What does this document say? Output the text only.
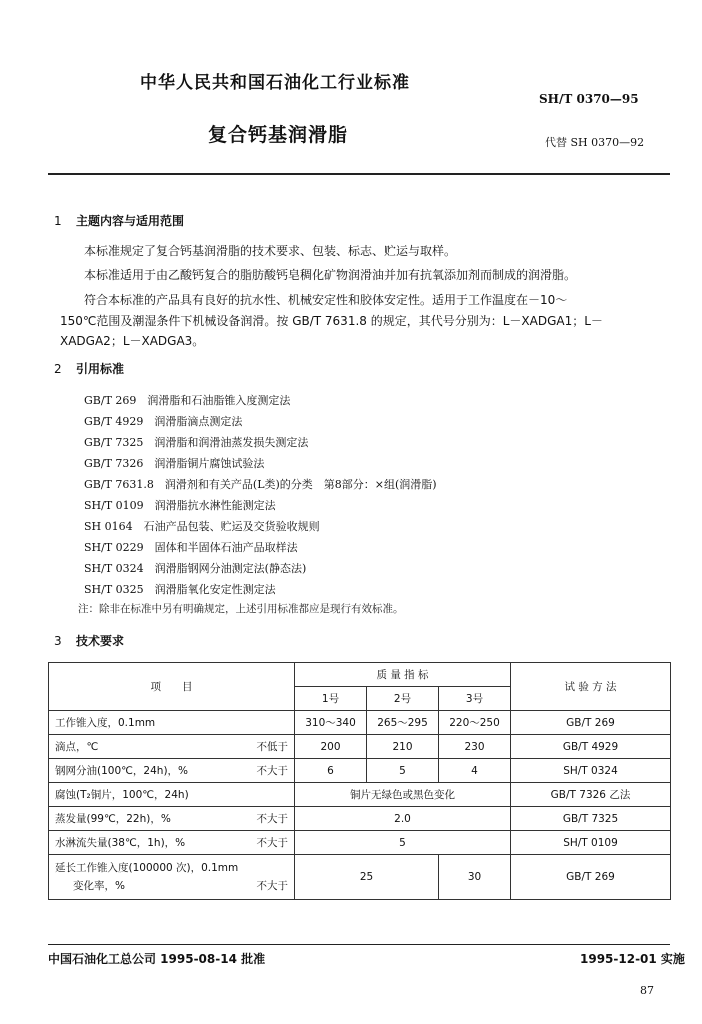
中华人民共和国石油化工行业标准
SH/T 0370—95
复合钙基润滑脂	代替 SH 0370—92
1 主题内容与适用范围
本标准规定了复合钙基润滑脂的技术要求、包装、标志、贮运与取样。
本标准适用于由乙酸钙复合的脂肪酸钙皂稠化矿物润滑油并加有抗氧添加剂而制成的润滑脂。
符合本标准的产品具有良好的抗水性、机械安定性和胶体安定性。适用于工作温度在－10～
150℃范围及潮湿条件下机械设备润滑。按 GB/T 7631.8 的规定，其代号分别为：L－XADGA1；L－
XADGA2；L－XADGA3。
2 引用标准
GB/T 269　润滑脂和石油脂锥入度测定法
GB/T 4929　润滑脂滴点测定法
GB/T 7325　润滑脂和润滑油蒸发损失测定法
GB/T 7326　润滑脂铜片腐蚀试验法
GB/T 7631.8　润滑剂和有关产品(L类)的分类　第8部分：×组(润滑脂)
SH/T 0109　润滑脂抗水淋性能测定法
SH 0164　石油产品包装、贮运及交货验收规则
SH/T 0229　固体和半固体石油产品取样法
SH/T 0324　润滑脂钢网分油测定法(静态法)
SH/T 0325　润滑脂氧化安定性测定法
注：除非在标准中另有明确规定，上述引用标准都应是现行有效标准。
3 技术要求
项　　目	质 量 指 标			试 验 方 法
	1号	2号	3号	
工作锥入度，0.1mm	310～340	265～295	220～250	GB/T 269
滴点，℃ 不低于	200	210	230	GB/T 4929
钢网分油(100℃，24h)，% 不大于	6	5	4	SH/T 0324
腐蚀(T₂铜片，100℃，24h)	铜片无绿色或黑色变化			GB/T 7326 乙法
蒸发量(99℃，22h)，% 不大于	2.0			GB/T 7325
水淋流失量(38℃，1h)，% 不大于	5			SH/T 0109

延长工作锥入度(100000 次)，0.1mm
变化率，% 不大于	25		30	GB/T 269
中国石油化工总公司 1995-08-14 批准	1995-12-01 实施
87
